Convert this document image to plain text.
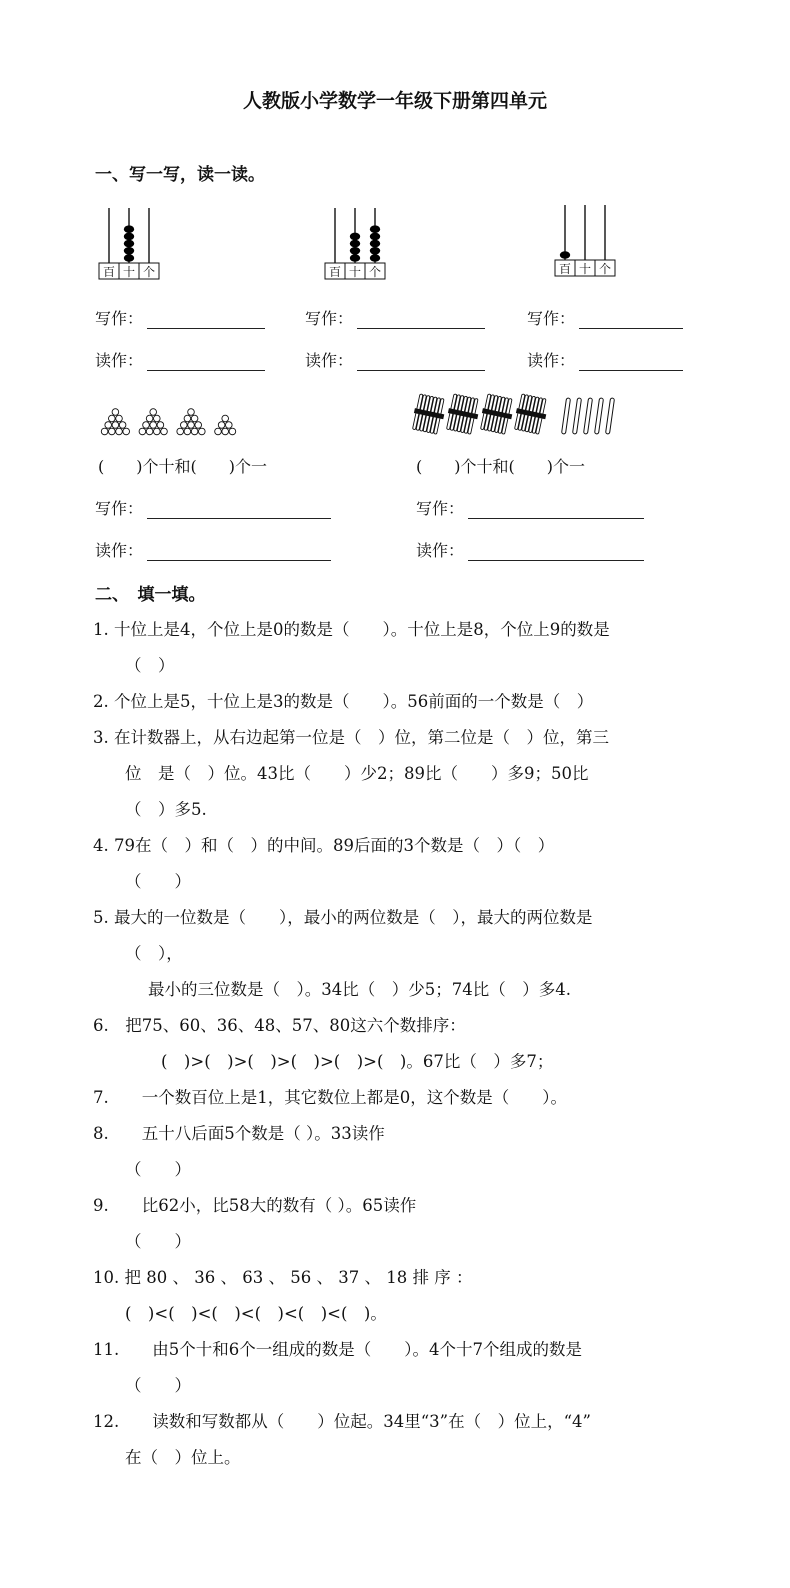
人教版小学数学一年级下册第四单元
一、写一写，读一读。
百 十 个	百 十 个	百 十 个
写作：	写作：	写作：
读作：	读作：	读作：
(　　)个十和(　　)个一	(　　)个十和(　　)个一
写作：	写作：
读作：	读作：
二、　填一填。
1. 十位上是4，个位上是0的数是（　　）。十位上是8，个位上9的数是
（　）
2. 个位上是5，十位上是3的数是（　　）。56前面的一个数是（　）
3. 在计数器上，从右边起第一位是（　）位，第二位是（　）位，第三
位　是（　）位。43比（　　）少2；89比（　　）多9；50比
（　）多5.
4. 79在（　）和（　）的中间。89后面的3个数是（　）（　）
（　　）
5. 最大的一位数是（　　），最小的两位数是（　），最大的两位数是
（　），
最小的三位数是（　）。34比（　）少5；74比（　）多4.
6.　把75、60、36、48、57、80这六个数排序：
(　)>(　)>(　)>(　)>(　)>(　)。67比（　）多7；
7.　　一个数百位上是1，其它数位上都是0，这个数是（　　）。
8.　　五十八后面5个数是（ ）。33读作
（　　）
9.　　比62小，比58大的数有（ ）。65读作
（　　）
10. 把 80 、 36 、 63 、 56 、 37 、 18 排 序 ：
(　)<(　)<(　)<(　)<(　)<(　)。
11.　　由5个十和6个一组成的数是（　　）。4个十7个组成的数是
（　　）
12.　　读数和写数都从（　　）位起。34里“3”在（　）位上，“4”
在（　）位上。
